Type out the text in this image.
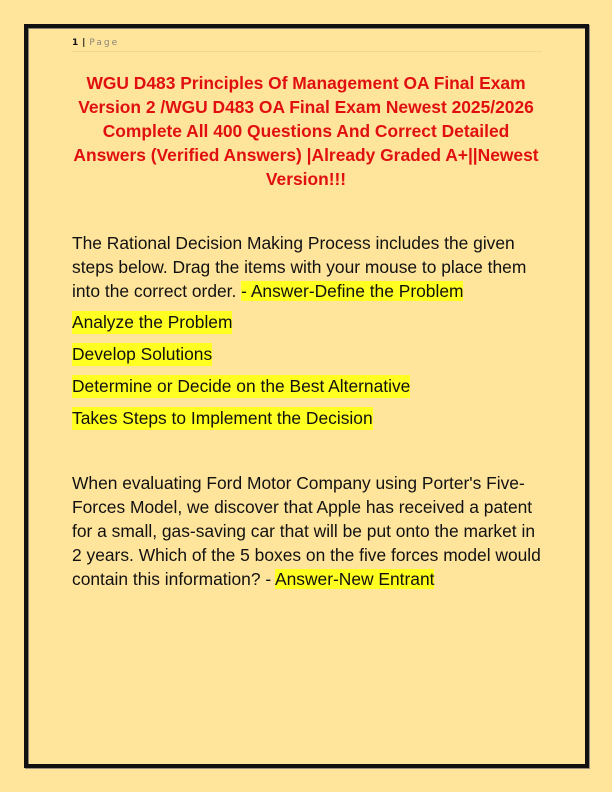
1 | Page
WGU D483 Principles Of Management OA Final Exam Version 2 /WGU D483 OA Final Exam Newest 2025/2026 Complete All 400 Questions And Correct Detailed Answers (Verified Answers) |Already Graded A+||Newest Version!!!
The Rational Decision Making Process includes the given steps below. Drag the items with your mouse to place them into the correct order. - Answer-Define the Problem
Analyze the Problem
Develop Solutions
Determine or Decide on the Best Alternative
Takes Steps to Implement the Decision
When evaluating Ford Motor Company using Porter's Five-Forces Model, we discover that Apple has received a patent for a small, gas-saving car that will be put onto the market in 2 years. Which of the 5 boxes on the five forces model would contain this information? - Answer-New Entrant
